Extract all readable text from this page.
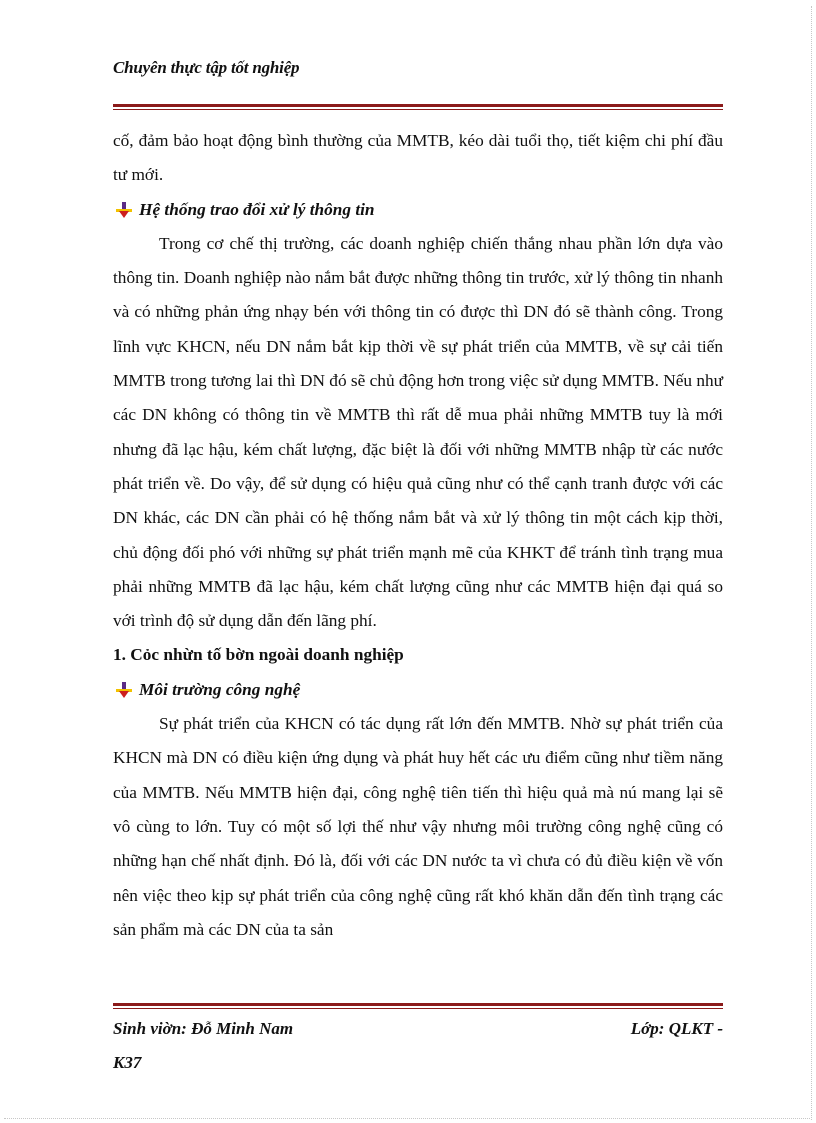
Chuyên thực tập tốt nghiệp

cố, đảm bảo hoạt động bình thường của MMTB, kéo dài tuổi thọ, tiết kiệm chi phí đầu tư mới.

Hệ thống trao đổi xử lý thông tin

Trong cơ chế thị trường, các doanh nghiệp chiến thắng nhau phần lớn dựa vào thông tin. Doanh nghiệp nào nắm bắt được những thông tin trước, xử lý thông tin nhanh và có những phản ứng nhạy bén với thông tin có được thì DN đó sẽ thành công. Trong lĩnh vực KHCN, nếu DN nắm bắt kịp thời về sự phát triển của MMTB, về sự cải tiến MMTB trong tương lai thì DN đó sẽ chủ động hơn trong việc sử dụng MMTB. Nếu như các DN không có thông tin về MMTB thì rất dễ mua phải những MMTB tuy là mới nhưng đã lạc hậu, kém chất lượng, đặc biệt là đối với những MMTB nhập từ các nước phát triển về. Do vậy, để sử dụng có hiệu quả cũng như có thể cạnh tranh được với các DN khác, các DN cần phải có hệ thống nắm bắt và xử lý thông tin một cách kịp thời, chủ động đối phó với những sự phát triển mạnh mẽ của KHKT để tránh tình trạng mua phải những MMTB đã lạc hậu, kém chất lượng cũng như các MMTB hiện đại quá so với trình độ sử dụng dẫn đến lãng phí.

1. Cỏc nhừn tố bờn ngoài doanh nghiệp

Môi trường công nghệ

Sự phát triển của KHCN có tác dụng rất lớn đến MMTB. Nhờ sự phát triển của KHCN mà DN có điều kiện ứng dụng và phát huy hết các ưu điểm cũng như tiềm năng của MMTB. Nếu MMTB hiện đại, công nghệ tiên tiến thì hiệu quả mà nú mang lại sẽ vô cùng to lớn. Tuy có một số lợi thế như vậy nhưng môi trường công nghệ cũng có những hạn chế nhất định. Đó là, đối với các DN nước ta vì chưa có đủ điều kiện về vốn nên việc theo kịp sự phát triển của công nghệ cũng rất khó khăn dẫn đến tình trạng các sản phẩm mà các DN của ta sản

Sinh viờn: Đỗ Minh Nam	Lớp: QLKT -
K37
